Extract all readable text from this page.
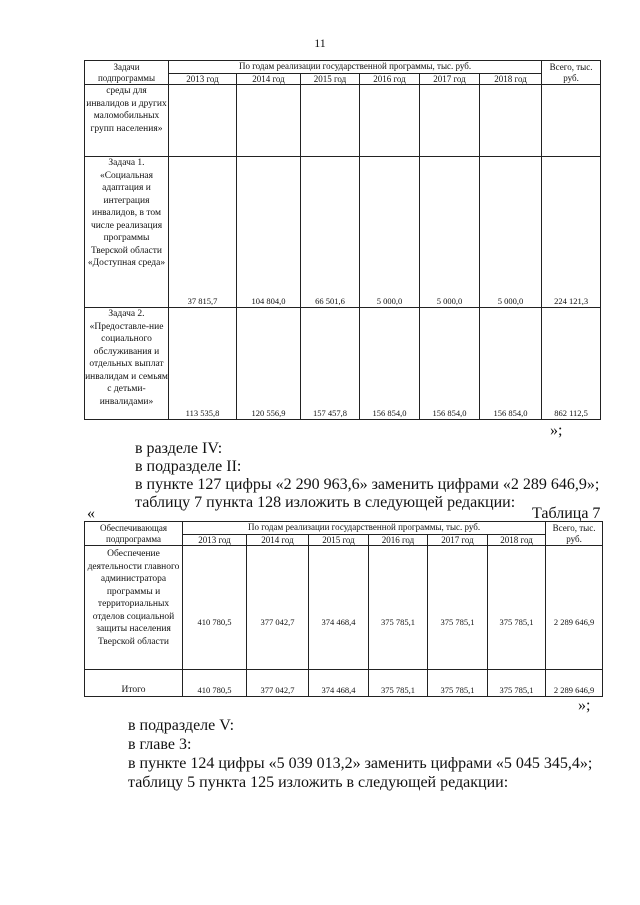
11
Задачи подпрограммы	По годам реализации государственной программы, тыс. руб.						Всего, тыс. руб.
	2013 год	2014 год	2015 год	2016 год	2017 год	2018 год	
среды для инвалидов и других маломобильных групп населения»							
Задача 1. «Социальная адаптация и интеграция инвалидов, в том числе реализация программы Тверской области «Доступная среда»	37 815,7	104 804,0	66 501,6	5 000,0	5 000,0	5 000,0	224 121,3
Задача 2. «Предоставле-ние социального обслуживания и отдельных выплат инвалидам и семьям с детьми-инвалидами»	113 535,8	120 556,9	157 457,8	156 854,0	156 854,0	156 854,0	862 112,5
»;
в разделе IV:
в подразделе II:
в пункте 127 цифры «2 290 963,6» заменить цифрами «2 289 646,9»;
таблицу 7 пункта 128 изложить в следующей редакции:
«	Таблица 7
Обеспечивающая подпрограмма	По годам реализации государственной программы, тыс. руб.						Всего, тыс. руб.
	2013 год	2014 год	2015 год	2016 год	2017 год	2018 год	
Обеспечение деятельности главного администратора программы и территориальных отделов социальной защиты населения Тверской области	410 780,5	377 042,7	374 468,4	375 785,1	375 785,1	375 785,1	2 289 646,9
Итого	410 780,5	377 042,7	374 468,4	375 785,1	375 785,1	375 785,1	2 289 646,9
»;
в подразделе V:
в главе 3:
в пункте 124 цифры «5 039 013,2» заменить цифрами «5 045 345,4»;
таблицу 5 пункта 125 изложить в следующей редакции:
